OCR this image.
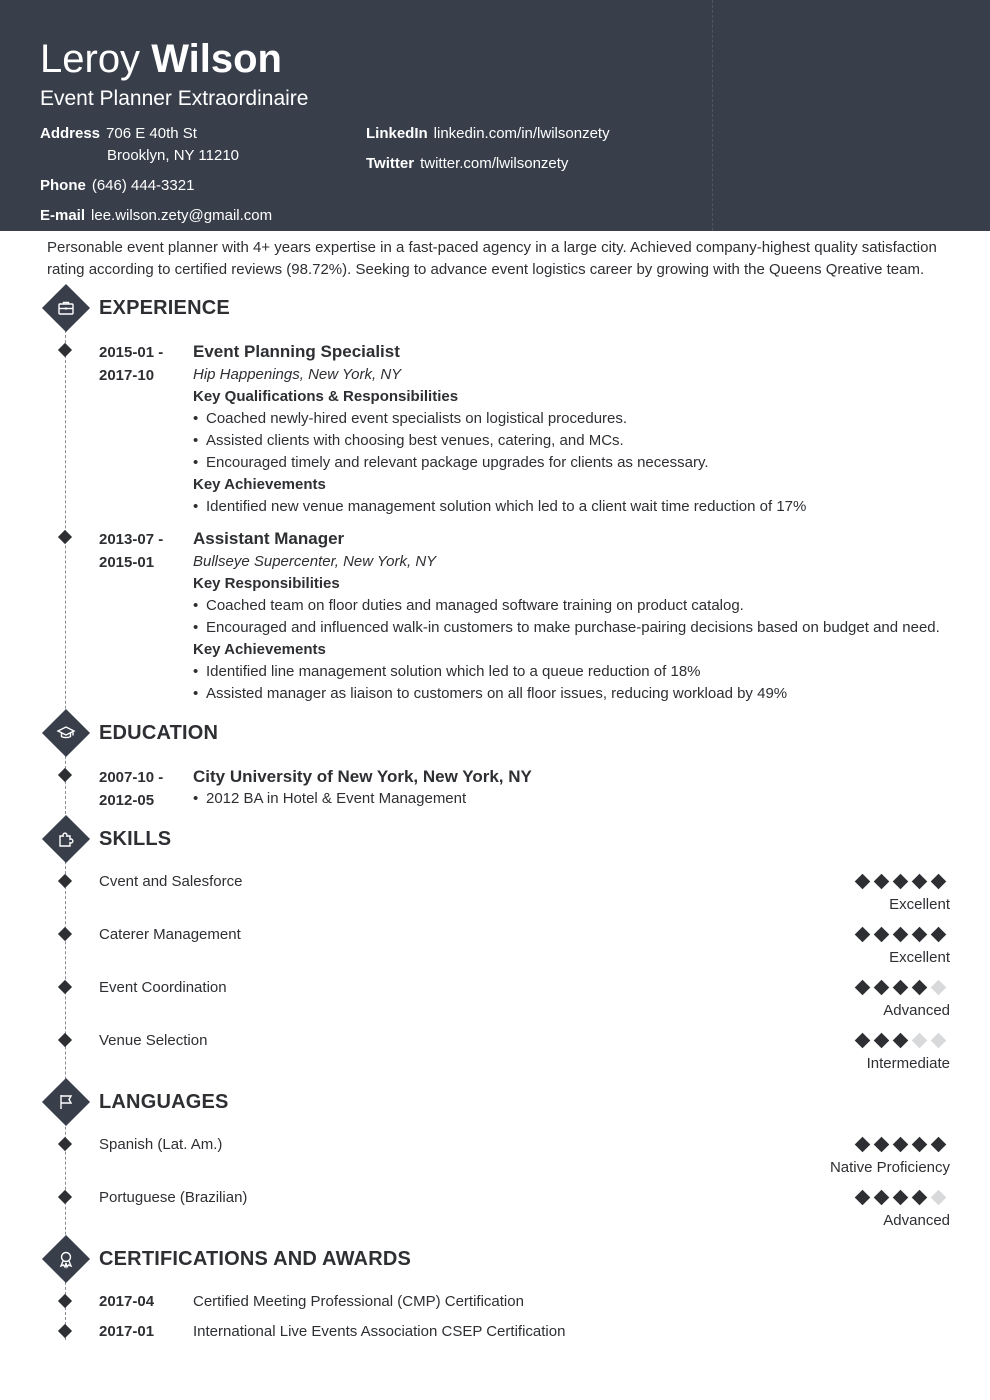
Leroy Wilson
Event Planner Extraordinaire
Address 706 E 40th St
Brooklyn, NY 11210
Phone (646) 444-3321
E-mail lee.wilson.zety@gmail.com
LinkedIn linkedin.com/in/lwilsonzety
Twitter twitter.com/lwilsonzety
Personable event planner with 4+ years expertise in a fast-paced agency in a large city. Achieved company-highest quality satisfaction rating according to certified reviews (98.72%). Seeking to advance event logistics career by growing with the Queens Qreative team.
EXPERIENCE
2015-01 -
2017-10
Event Planning Specialist
Hip Happenings, New York, NY
Key Qualifications & Responsibilities
• Coached newly-hired event specialists on logistical procedures.
• Assisted clients with choosing best venues, catering, and MCs.
• Encouraged timely and relevant package upgrades for clients as necessary.
Key Achievements
• Identified new venue management solution which led to a client wait time reduction of 17%
2013-07 -
2015-01
Assistant Manager
Bullseye Supercenter, New York, NY
Key Responsibilities
• Coached team on floor duties and managed software training on product catalog.
• Encouraged and influenced walk-in customers to make purchase-pairing decisions based on budget and need.
Key Achievements
• Identified line management solution which led to a queue reduction of 18%
• Assisted manager as liaison to customers on all floor issues, reducing workload by 49%
EDUCATION
2007-10 -
2012-05
City University of New York, New York, NY
• 2012 BA in Hotel & Event Management
SKILLS
Cvent and Salesforce
Excellent
Caterer Management
Excellent
Event Coordination
Advanced
Venue Selection
Intermediate
LANGUAGES
Spanish (Lat. Am.)
Native Proficiency
Portuguese (Brazilian)
Advanced
CERTIFICATIONS AND AWARDS
2017-04	Certified Meeting Professional (CMP) Certification
2017-01	International Live Events Association CSEP Certification
